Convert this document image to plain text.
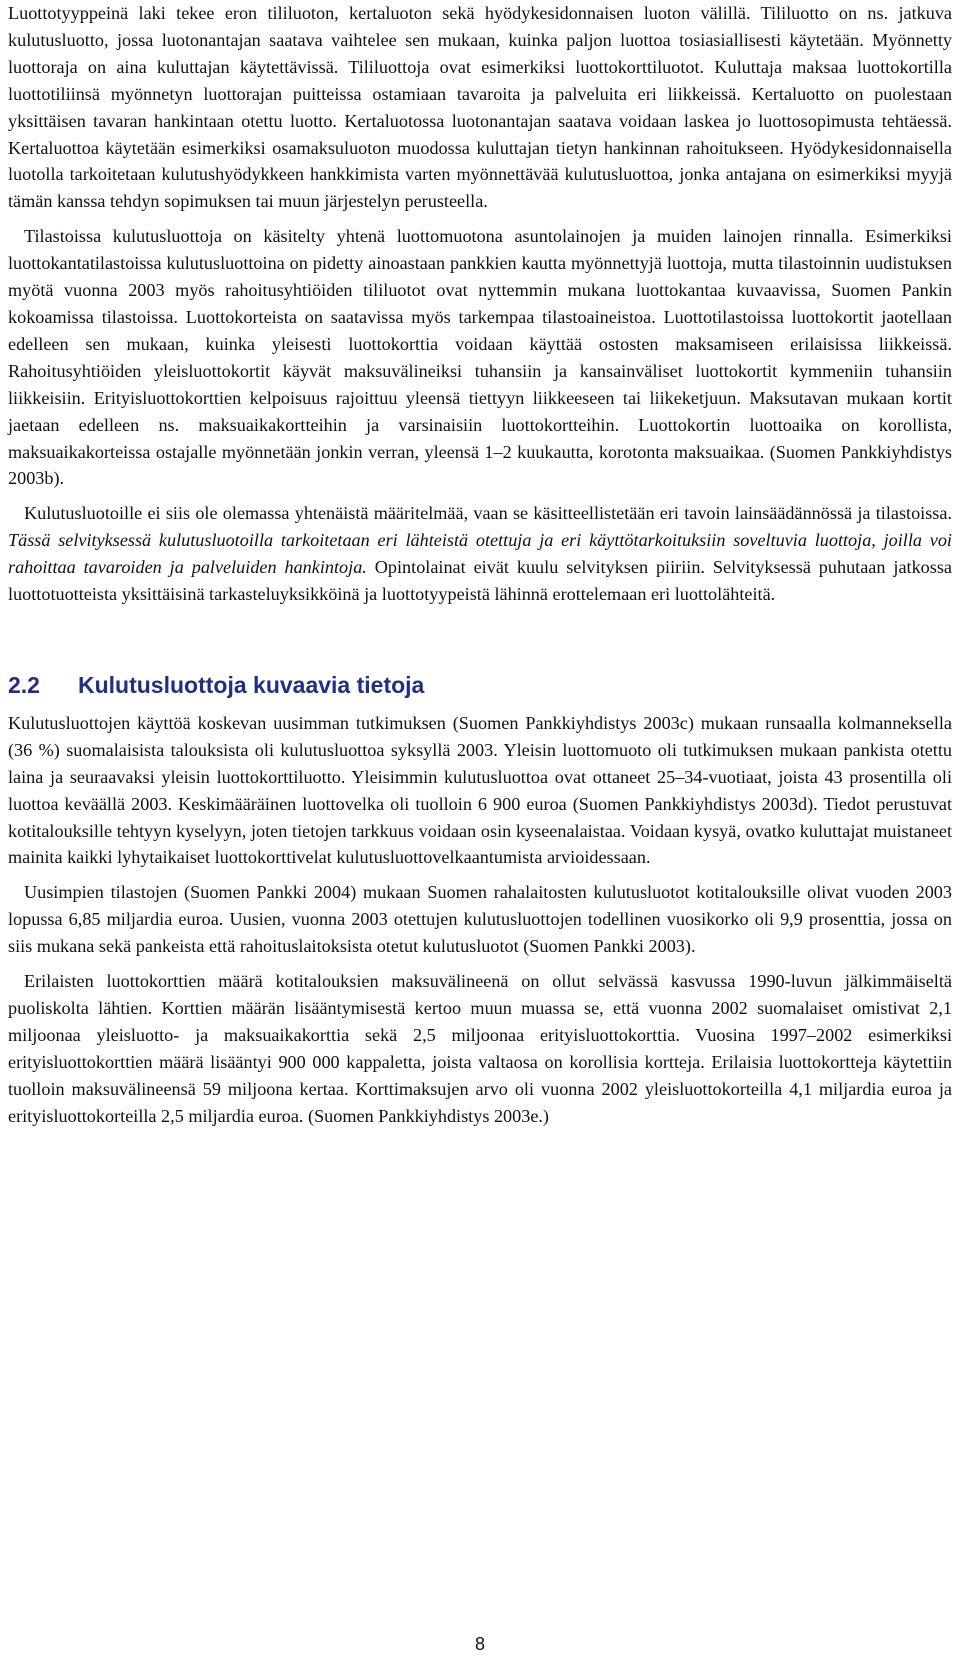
Luottotyyppeinä laki tekee eron tililuoton, kertaluoton sekä hyödykesidonnaisen luoton välillä. Tililuotto on ns. jatkuva kulutusluotto, jossa luotonantajan saatava vaihtelee sen mukaan, kuinka paljon luottoa tosiasiallisesti käytetään. Myönnetty luottoraja on aina kuluttajan käytettävissä. Tililuottoja ovat esimerkiksi luottokorttiluotot. Kuluttaja maksaa luottokortilla luottotiliinsä myönnetyn luottorajan puitteissa ostamiaan tavaroita ja palveluita eri liikkeissä. Kertaluotto on puolestaan yksittäisen tavaran hankintaan otettu luotto. Kertaluotossa luotonantajan saatava voidaan laskea jo luottosopimusta tehtäessä. Kertaluottoa käytetään esimerkiksi osamaksuluoton muodossa kuluttajan tietyn hankinnan rahoitukseen. Hyödykesidonnaisella luotolla tarkoitetaan kulutushyödykkeen hankkimista varten myönnettävää kulutusluottoa, jonka antajana on esimerkiksi myyjä tämän kanssa tehdyn sopimuksen tai muun järjestelyn perusteella.

Tilastoissa kulutusluottoja on käsitelty yhtenä luottomuotona asuntolainojen ja muiden lainojen rinnalla. Esimerkiksi luottokantatilastoissa kulutusluottoina on pidetty ainoastaan pankkien kautta myönnettyjä luottoja, mutta tilastoinnin uudistuksen myötä vuonna 2003 myös rahoitusyhtiöiden tililuotot ovat nyttemmin mukana luottokantaa kuvaavissa, Suomen Pankin kokoamissa tilastoissa. Luottokorteista on saatavissa myös tarkempaa tilastoaineistoa. Luottotilastoissa luottokortit jaotellaan edelleen sen mukaan, kuinka yleisesti luottokorttia voidaan käyttää ostosten maksamiseen erilaisissa liikkeissä. Rahoitusyhtiöiden yleisluottokortit käyvät maksuvälineiksi tuhansiin ja kansainväliset luottokortit kymmeniin tuhansiin liikkeisiin. Erityisluottokorttien kelpoisuus rajoittuu yleensä tiettyyn liikkeeseen tai liikeketjuun. Maksutavan mukaan kortit jaetaan edelleen ns. maksuaikakortteihin ja varsinaisiin luottokortteihin. Luottokortin luottoaika on korollista, maksuaikakorteissa ostajalle myönnetään jonkin verran, yleensä 1–2 kuukautta, korotonta maksuaikaa. (Suomen Pankkiyhdistys 2003b).

Kulutusluotoille ei siis ole olemassa yhtenäistä määritelmää, vaan se käsitteellistetään eri tavoin lainsäädännössä ja tilastoissa. Tässä selvityksessä kulutusluotoilla tarkoitetaan eri lähteistä otettuja ja eri käyttötarkoituksiin soveltuvia luottoja, joilla voi rahoittaa tavaroiden ja palveluiden hankintoja. Opintolainat eivät kuulu selvityksen piiriin. Selvityksessä puhutaan jatkossa luottotuotteista yksittäisinä tarkasteluyksikköinä ja luottotyypeistä lähinnä erottelemaan eri luottolähteitä.

2.2 Kulutusluottoja kuvaavia tietoja

Kulutusluottojen käyttöä koskevan uusimman tutkimuksen (Suomen Pankkiyhdistys 2003c) mukaan runsaalla kolmanneksella (36 %) suomalaisista talouksista oli kulutusluottoa syksyllä 2003. Yleisin luottomuoto oli tutkimuksen mukaan pankista otettu laina ja seuraavaksi yleisin luottokorttiluotto. Yleisimmin kulutusluottoa ovat ottaneet 25–34-vuotiaat, joista 43 prosentilla oli luottoa keväällä 2003. Keskimääräinen luottovelka oli tuolloin 6 900 euroa (Suomen Pankkiyhdistys 2003d). Tiedot perustuvat kotitalouksille tehtyyn kyselyyn, joten tietojen tarkkuus voidaan osin kyseenalaistaa. Voidaan kysyä, ovatko kuluttajat muistaneet mainita kaikki lyhytaikaiset luottokorttivelat kulutusluottovelkaantumista arvioidessaan.

Uusimpien tilastojen (Suomen Pankki 2004) mukaan Suomen rahalaitosten kulutusluotot kotitalouksille olivat vuoden 2003 lopussa 6,85 miljardia euroa. Uusien, vuonna 2003 otettujen kulutusluottojen todellinen vuosikorko oli 9,9 prosenttia, jossa on siis mukana sekä pankeista että rahoituslaitoksista otetut kulutusluotot (Suomen Pankki 2003).

Erilaisten luottokorttien määrä kotitalouksien maksuvälineenä on ollut selvässä kasvussa 1990-luvun jälkimmäiseltä puoliskolta lähtien. Korttien määrän lisääntymisestä kertoo muun muassa se, että vuonna 2002 suomalaiset omistivat 2,1 miljoonaa yleisluotto- ja maksuaikakorttia sekä 2,5 miljoonaa erityisluottokorttia. Vuosina 1997–2002 esimerkiksi erityisluottokorttien määrä lisääntyi 900 000 kappaletta, joista valtaosa on korollisia kortteja. Erilaisia luottokortteja käytettiin tuolloin maksuvälineensä 59 miljoona kertaa. Korttimaksujen arvo oli vuonna 2002 yleisluottokorteilla 4,1 miljardia euroa ja erityisluottokorteilla 2,5 miljardia euroa. (Suomen Pankkiyhdistys 2003e.)

8
